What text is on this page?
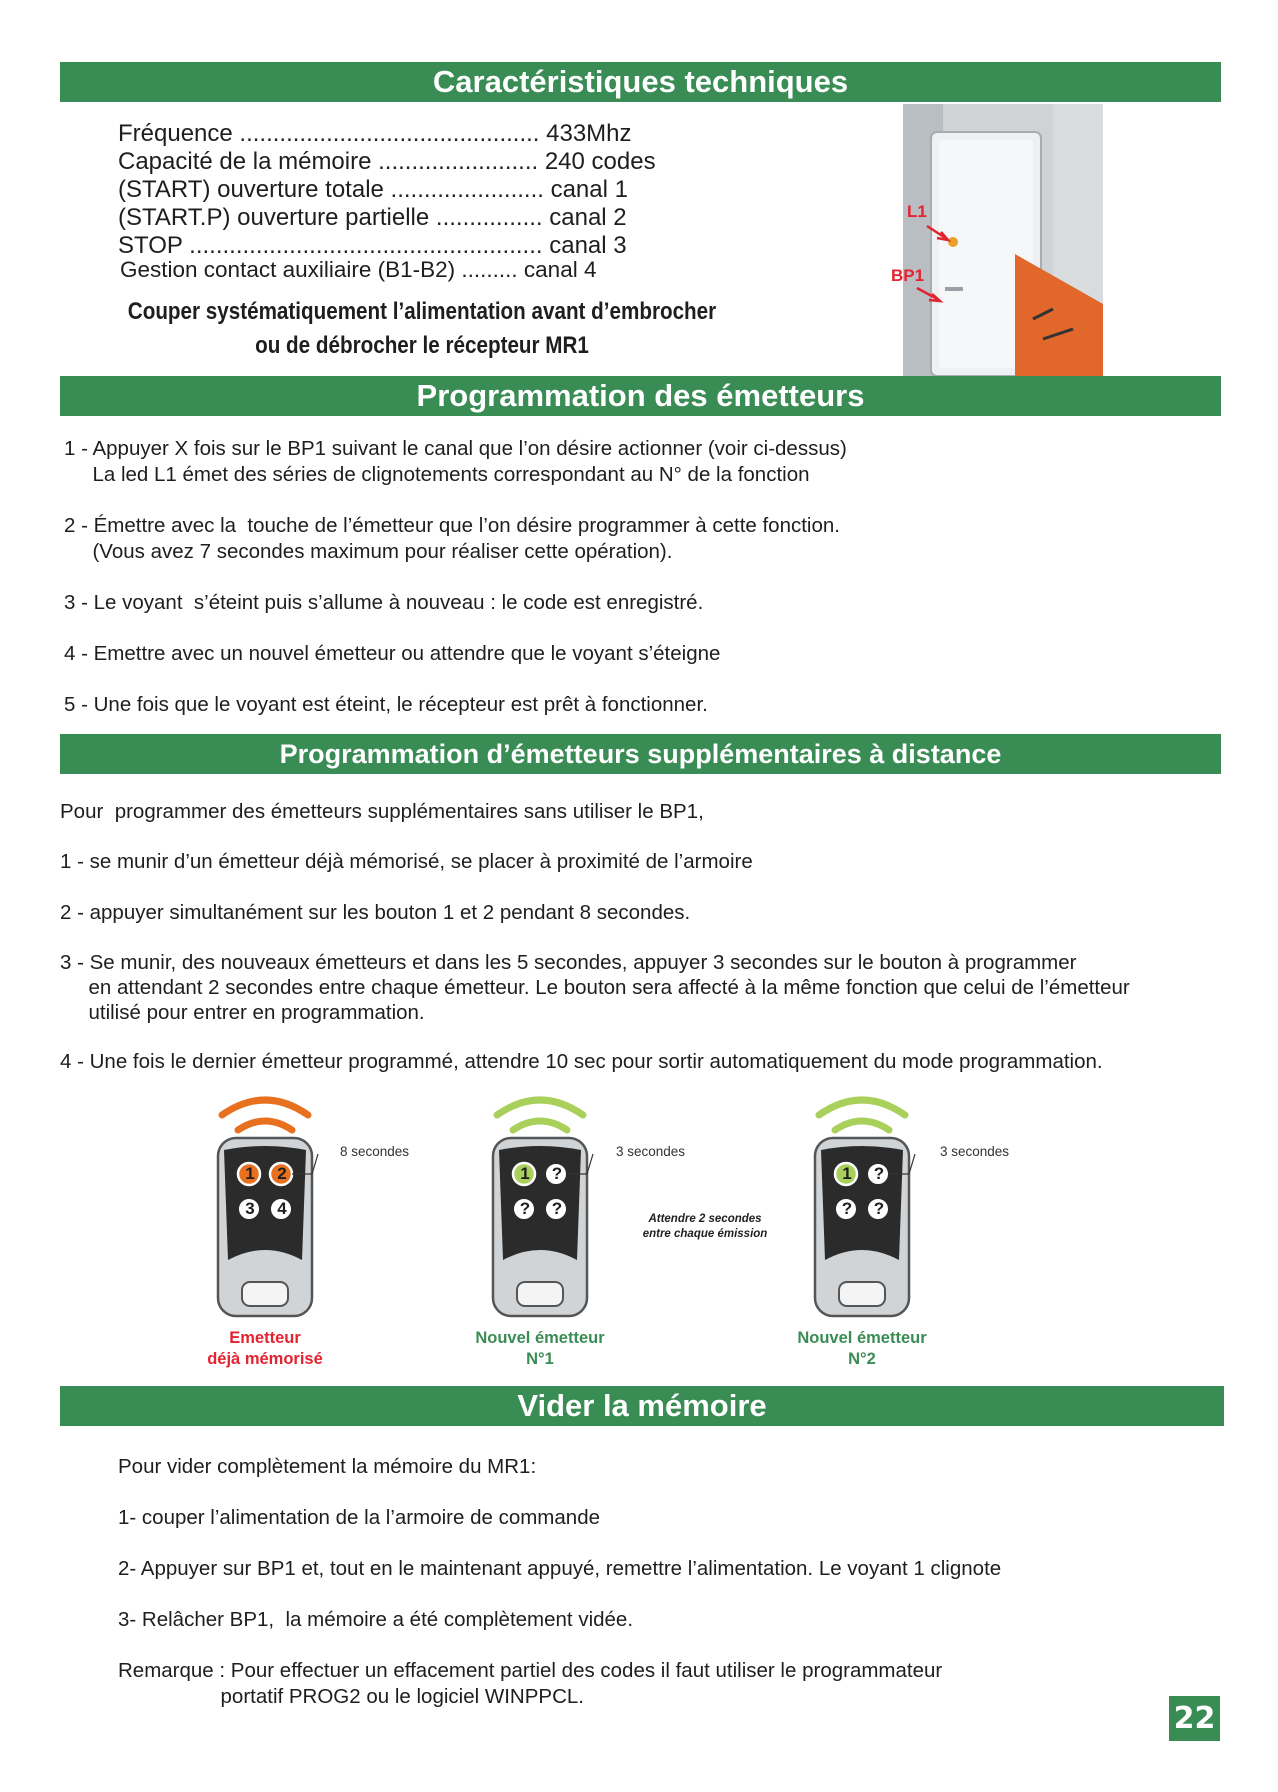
Caractéristiques techniques
Fréquence ............................................. 433Mhz
Capacité de la mémoire ........................ 240 codes
(START) ouverture totale ....................... canal 1
(START.P) ouverture partielle ................ canal 2
STOP ..................................................... canal 3
Gestion contact auxiliaire (B1-B2) ......... canal 4
Couper systématiquement l’alimentation avant d’embrocher
ou de débrocher le récepteur MR1
L1
BP1
Programmation des émetteurs
1 - Appuyer X fois sur le BP1 suivant le canal que l’on désire actionner (voir ci-dessus)
La led L1 émet des séries de clignotements correspondant au N° de la fonction
2 - Émettre avec la  touche de l’émetteur que l’on désire programmer à cette fonction.
(Vous avez 7 secondes maximum pour réaliser cette opération).
3 - Le voyant  s’éteint puis s’allume à nouveau : le code est enregistré.
4 - Emettre avec un nouvel émetteur ou attendre que le voyant s’éteigne
5 - Une fois que le voyant est éteint, le récepteur est prêt à fonctionner.
Programmation d’émetteurs supplémentaires à distance
Pour  programmer des émetteurs supplémentaires sans utiliser le BP1,
1 - se munir d’un émetteur déjà mémorisé, se placer à proximité de l’armoire
2 - appuyer simultanément sur les bouton 1 et 2 pendant 8 secondes.
3 - Se munir, des nouveaux émetteurs et dans les 5 secondes, appuyer 3 secondes sur le bouton à programmer
en attendant 2 secondes entre chaque émetteur. Le bouton sera affecté à la même fonction que celui de l’émetteur
utilisé pour entrer en programmation.
4 - Une fois le dernier émetteur programmé, attendre 10 sec pour sortir automatiquement du mode programmation.
1	2
3	4
8 secondes
Emetteur
déjà mémorisé
1	?
?	?
3 secondes
Nouvel émetteur
N°1
Attendre 2 secondes
entre chaque émission
1	?
?	?
3 secondes
Nouvel émetteur
N°2
Vider la mémoire
Pour vider complètement la mémoire du MR1:
1- couper l’alimentation de la l’armoire de commande
2- Appuyer sur BP1 et, tout en le maintenant appuyé, remettre l’alimentation. Le voyant 1 clignote
3- Relâcher BP1,  la mémoire a été complètement vidée.
Remarque : Pour effectuer un effacement partiel des codes il faut utiliser le programmateur
portatif PROG2 ou le logiciel WINPPCL.
22
